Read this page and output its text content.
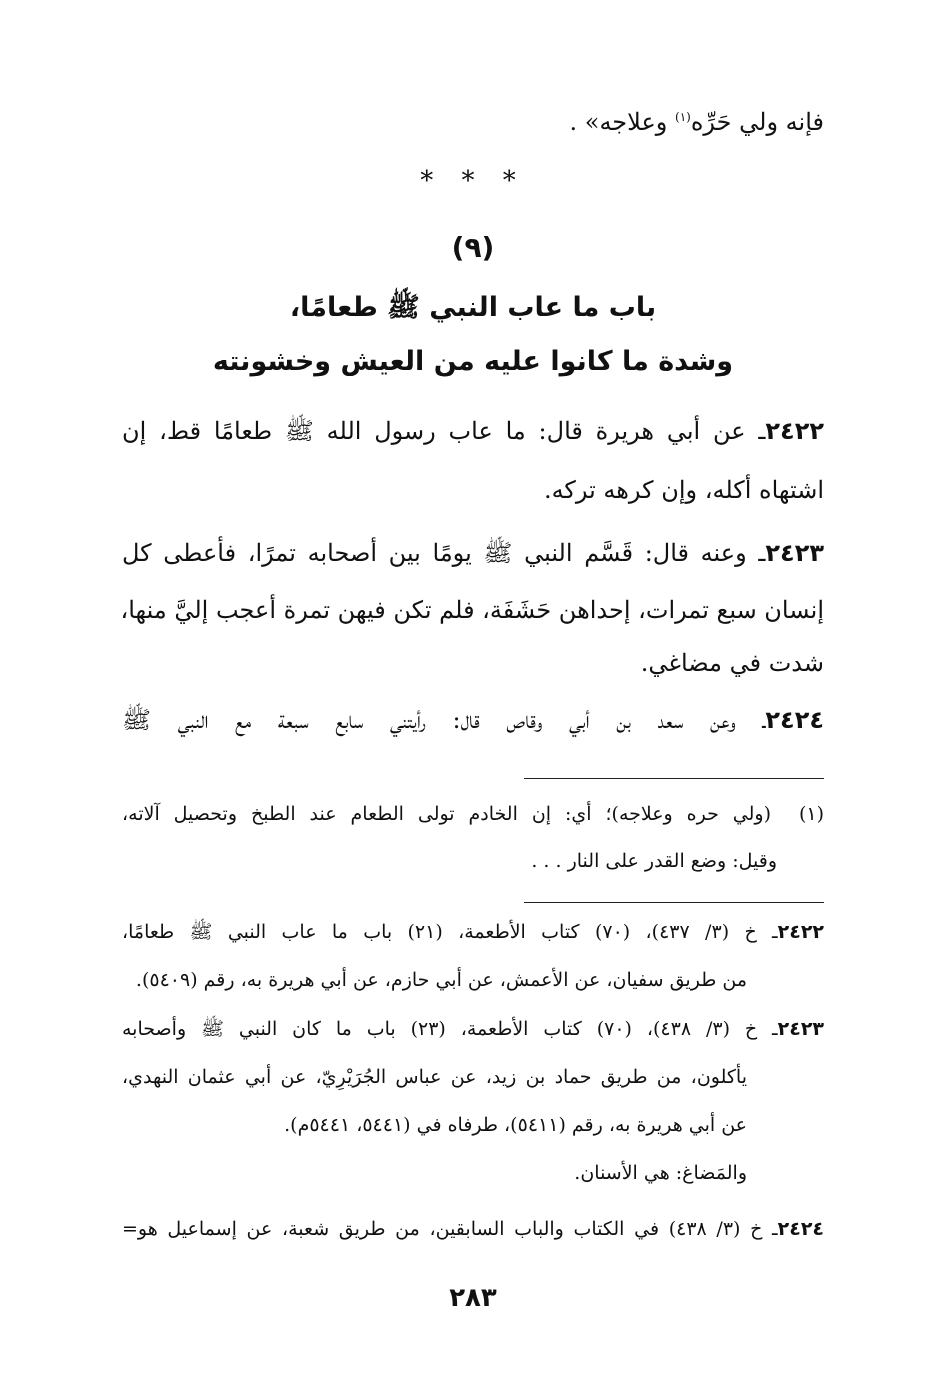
فإنه ولي حَرِّه$^{(١)}$ وعلاجه» .
* * *
(٩)
باب ما عاب النبي ﷺ طعامًا،
وشدة ما كانوا عليه من العيش وخشونته
٢٤٢٢ـ عن أبي هريرة قال: ما عاب رسول الله ﷺ طعامًا قط، إن
اشتهاه أكله، وإن كرهه تركه.
٢٤٢٣ـ وعنه قال: قَسَّم النبي ﷺ يومًا بين أصحابه تمرًا، فأعطى كل
إنسان سبع تمرات، إحداهن حَشَفَة، فلم تكن فيهن تمرة أعجب إليَّ منها،
شدت في مضاغي.
٢٤٢٤ـ وعن سعد بن أبي وقاص قال: رأيتني سابع سبعة مع النبي ﷺ
(١)  (ولي حره وعلاجه)؛ أي: إن الخادم تولى الطعام عند الطبخ وتحصيل آلاته،
وقيل: وضع القدر على النار . . .
٢٤٢٢ـ خ (٣/ ٤٣٧)، (٧٠) كتاب الأطعمة، (٢١) باب ما عاب النبي ﷺ طعامًا،
من طريق سفيان، عن الأعمش، عن أبي حازم، عن أبي هريرة به، رقم (٥٤٠٩).
٢٤٢٣ـ خ (٣/ ٤٣٨)، (٧٠) كتاب الأطعمة، (٢٣) باب ما كان النبي ﷺ وأصحابه
يأكلون، من طريق حماد بن زيد، عن عباس الجُرَيْرِيّ، عن أبي عثمان النهدي،
عن أبي هريرة به، رقم (٥٤١١)، طرفاه في (٥٤٤١، ٥٤٤١م).
والمَضاغ: هي الأسنان.
٢٤٢٤ـ خ (٣/ ٤٣٨) في الكتاب والباب السابقين، من طريق شعبة، عن إسماعيل هو=
٢٨٣
